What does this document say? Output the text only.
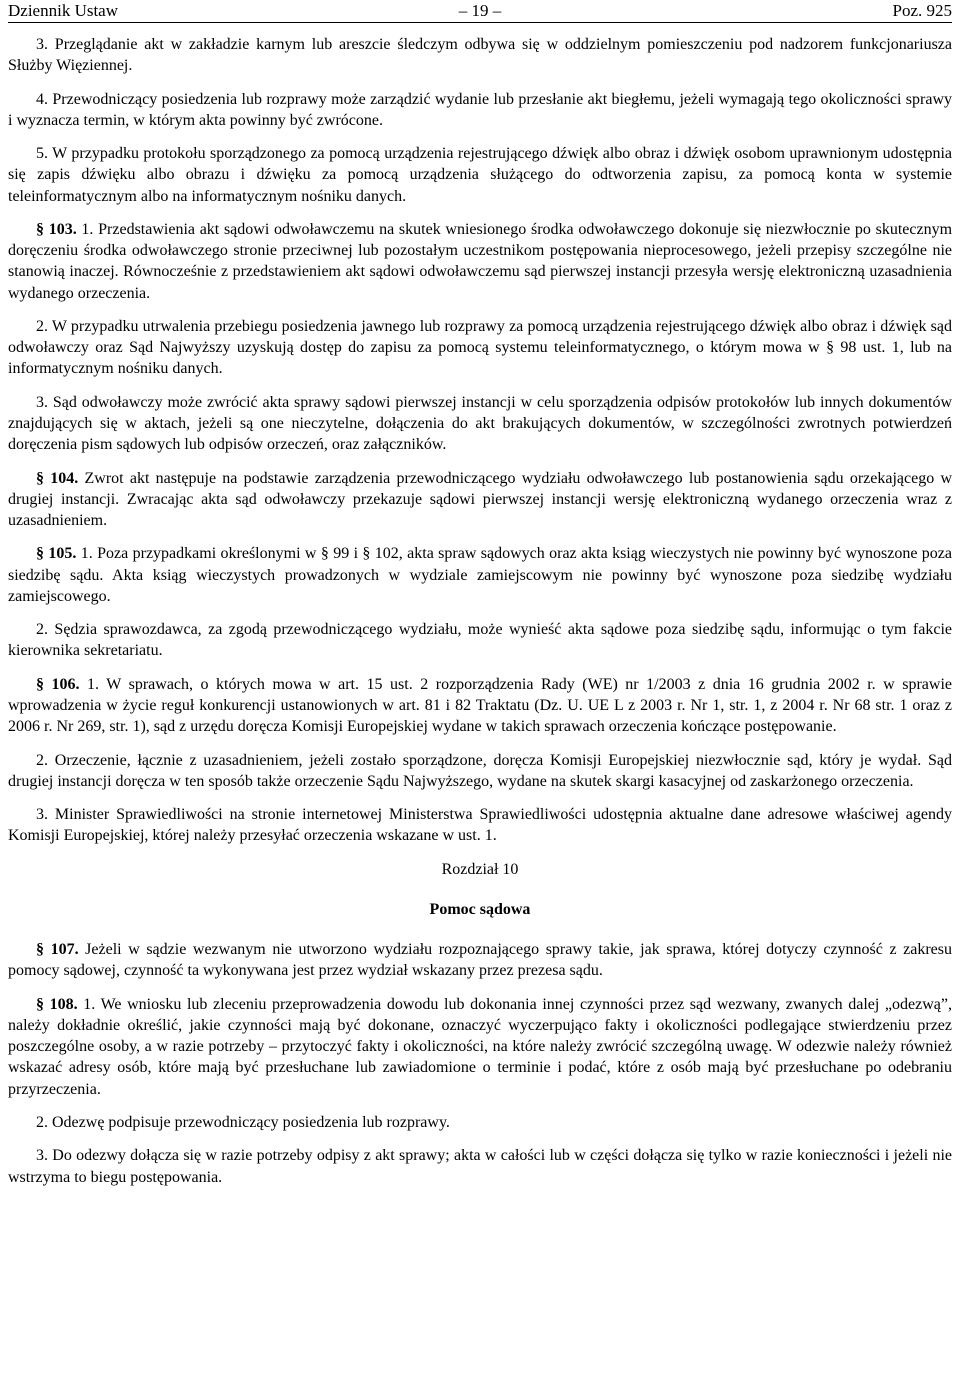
Dziennik Ustaw	– 19 –	Poz. 925

3. Przeglądanie akt w zakładzie karnym lub areszcie śledczym odbywa się w oddzielnym pomieszczeniu pod nadzorem funkcjonariusza Służby Więziennej.

4. Przewodniczący posiedzenia lub rozprawy może zarządzić wydanie lub przesłanie akt biegłemu, jeżeli wymagają tego okoliczności sprawy i wyznacza termin, w którym akta powinny być zwrócone.

5. W przypadku protokołu sporządzonego za pomocą urządzenia rejestrującego dźwięk albo obraz i dźwięk osobom uprawnionym udostępnia się zapis dźwięku albo obrazu i dźwięku za pomocą urządzenia służącego do odtworzenia zapisu, za pomocą konta w systemie teleinformatycznym albo na informatycznym nośniku danych.

§ 103. 1. Przedstawienia akt sądowi odwoławczemu na skutek wniesionego środka odwoławczego dokonuje się niezwłocznie po skutecznym doręczeniu środka odwoławczego stronie przeciwnej lub pozostałym uczestnikom postępowania nieprocesowego, jeżeli przepisy szczególne nie stanowią inaczej. Równocześnie z przedstawieniem akt sądowi odwoławczemu sąd pierwszej instancji przesyła wersję elektroniczną uzasadnienia wydanego orzeczenia.

2. W przypadku utrwalenia przebiegu posiedzenia jawnego lub rozprawy za pomocą urządzenia rejestrującego dźwięk albo obraz i dźwięk sąd odwoławczy oraz Sąd Najwyższy uzyskują dostęp do zapisu za pomocą systemu teleinformatycznego, o którym mowa w § 98 ust. 1, lub na informatycznym nośniku danych.

3. Sąd odwoławczy może zwrócić akta sprawy sądowi pierwszej instancji w celu sporządzenia odpisów protokołów lub innych dokumentów znajdujących się w aktach, jeżeli są one nieczytelne, dołączenia do akt brakujących dokumentów, w szczególności zwrotnych potwierdzeń doręczenia pism sądowych lub odpisów orzeczeń, oraz załączników.

§ 104. Zwrot akt następuje na podstawie zarządzenia przewodniczącego wydziału odwoławczego lub postanowienia sądu orzekającego w drugiej instancji. Zwracając akta sąd odwoławczy przekazuje sądowi pierwszej instancji wersję elektroniczną wydanego orzeczenia wraz z uzasadnieniem.

§ 105. 1. Poza przypadkami określonymi w § 99 i § 102, akta spraw sądowych oraz akta ksiąg wieczystych nie powinny być wynoszone poza siedzibę sądu. Akta ksiąg wieczystych prowadzonych w wydziale zamiejscowym nie powinny być wynoszone poza siedzibę wydziału zamiejscowego.

2. Sędzia sprawozdawca, za zgodą przewodniczącego wydziału, może wynieść akta sądowe poza siedzibę sądu, informując o tym fakcie kierownika sekretariatu.

§ 106. 1. W sprawach, o których mowa w art. 15 ust. 2 rozporządzenia Rady (WE) nr 1/2003 z dnia 16 grudnia 2002 r. w sprawie wprowadzenia w życie reguł konkurencji ustanowionych w art. 81 i 82 Traktatu (Dz. U. UE L z 2003 r. Nr 1, str. 1, z 2004 r. Nr 68 str. 1 oraz z 2006 r. Nr 269, str. 1), sąd z urzędu doręcza Komisji Europejskiej wydane w takich sprawach orzeczenia kończące postępowanie.

2. Orzeczenie, łącznie z uzasadnieniem, jeżeli zostało sporządzone, doręcza Komisji Europejskiej niezwłocznie sąd, który je wydał. Sąd drugiej instancji doręcza w ten sposób także orzeczenie Sądu Najwyższego, wydane na skutek skargi kasacyjnej od zaskarżonego orzeczenia.

3. Minister Sprawiedliwości na stronie internetowej Ministerstwa Sprawiedliwości udostępnia aktualne dane adresowe właściwej agendy Komisji Europejskiej, której należy przesyłać orzeczenia wskazane w ust. 1.

Rozdział 10

Pomoc sądowa

§ 107. Jeżeli w sądzie wezwanym nie utworzono wydziału rozpoznającego sprawy takie, jak sprawa, której dotyczy czynność z zakresu pomocy sądowej, czynność ta wykonywana jest przez wydział wskazany przez prezesa sądu.

§ 108. 1. We wniosku lub zleceniu przeprowadzenia dowodu lub dokonania innej czynności przez sąd wezwany, zwanych dalej „odezwą”, należy dokładnie określić, jakie czynności mają być dokonane, oznaczyć wyczerpująco fakty i okoliczności podlegające stwierdzeniu przez poszczególne osoby, a w razie potrzeby – przytoczyć fakty i okoliczności, na które należy zwrócić szczególną uwagę. W odezwie należy również wskazać adresy osób, które mają być przesłuchane lub zawiadomione o terminie i podać, które z osób mają być przesłuchane po odebraniu przyrzeczenia.

2. Odezwę podpisuje przewodniczący posiedzenia lub rozprawy.

3. Do odezwy dołącza się w razie potrzeby odpisy z akt sprawy; akta w całości lub w części dołącza się tylko w razie konieczności i jeżeli nie wstrzyma to biegu postępowania.
